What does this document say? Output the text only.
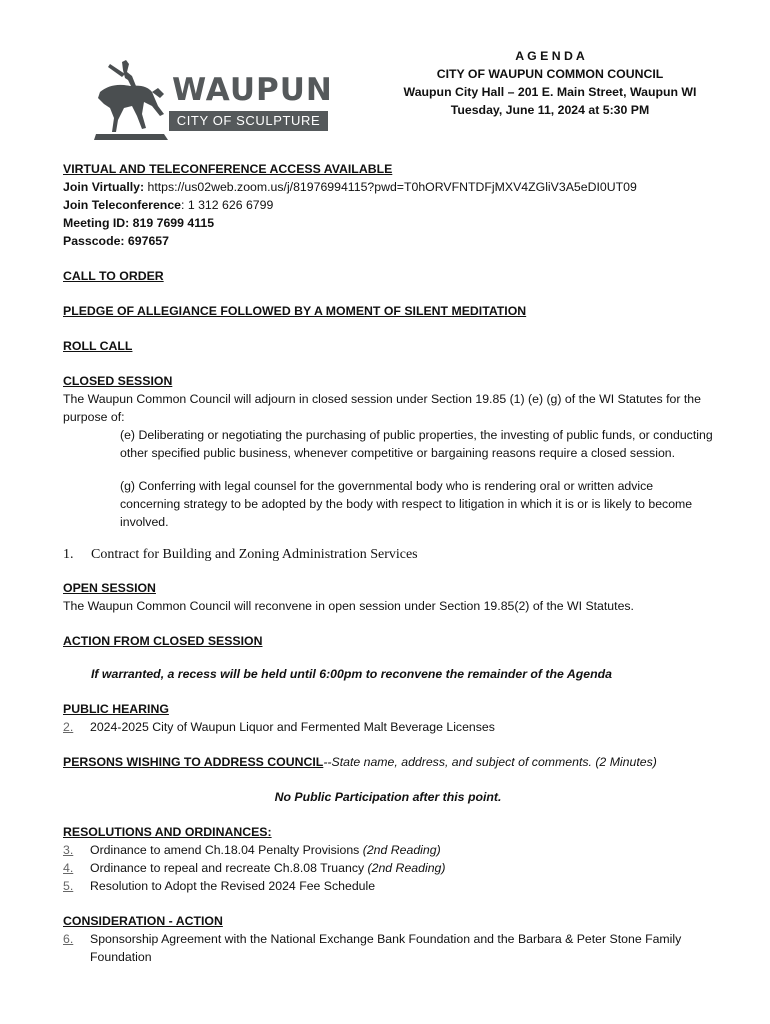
WAUPUN
CITY OF SCULPTURE
A G E N D A
CITY OF WAUPUN COMMON COUNCIL
Waupun City Hall – 201 E. Main Street, Waupun WI
Tuesday, June 11, 2024 at 5:30 PM
VIRTUAL AND TELECONFERENCE ACCESS AVAILABLE
Join Virtually: https://us02web.zoom.us/j/81976994115?pwd=T0hORVFNTDFjMXV4ZGliV3A5eDI0UT09
Join Teleconference: 1 312 626 6799
Meeting ID: 819 7699 4115
Passcode: 697657
CALL TO ORDER
PLEDGE OF ALLEGIANCE FOLLOWED BY A MOMENT OF SILENT MEDITATION
ROLL CALL
CLOSED SESSION
The Waupun Common Council will adjourn in closed session under Section 19.85 (1) (e) (g) of the WI Statutes for the purpose of:
(e) Deliberating or negotiating the purchasing of public properties, the investing of public funds, or conducting other specified public business, whenever competitive or bargaining reasons require a closed session.
(g) Conferring with legal counsel for the governmental body who is rendering oral or written advice concerning strategy to be adopted by the body with respect to litigation in which it is or is likely to become involved.
1.	Contract for Building and Zoning Administration Services
OPEN SESSION
The Waupun Common Council will reconvene in open session under Section 19.85(2) of the WI Statutes.
ACTION FROM CLOSED SESSION
If warranted, a recess will be held until 6:00pm to reconvene the remainder of the Agenda
PUBLIC HEARING
2.	2024-2025 City of Waupun Liquor and Fermented Malt Beverage Licenses
PERSONS WISHING TO ADDRESS COUNCIL--State name, address, and subject of comments. (2 Minutes)
No Public Participation after this point.
RESOLUTIONS AND ORDINANCES:
3.	Ordinance to amend Ch.18.04 Penalty Provisions (2nd Reading)
4.	Ordinance to repeal and recreate Ch.8.08 Truancy (2nd Reading)
5.	Resolution to Adopt the Revised 2024 Fee Schedule
CONSIDERATION - ACTION
6.	Sponsorship Agreement with the National Exchange Bank Foundation and the Barbara & Peter Stone Family Foundation
